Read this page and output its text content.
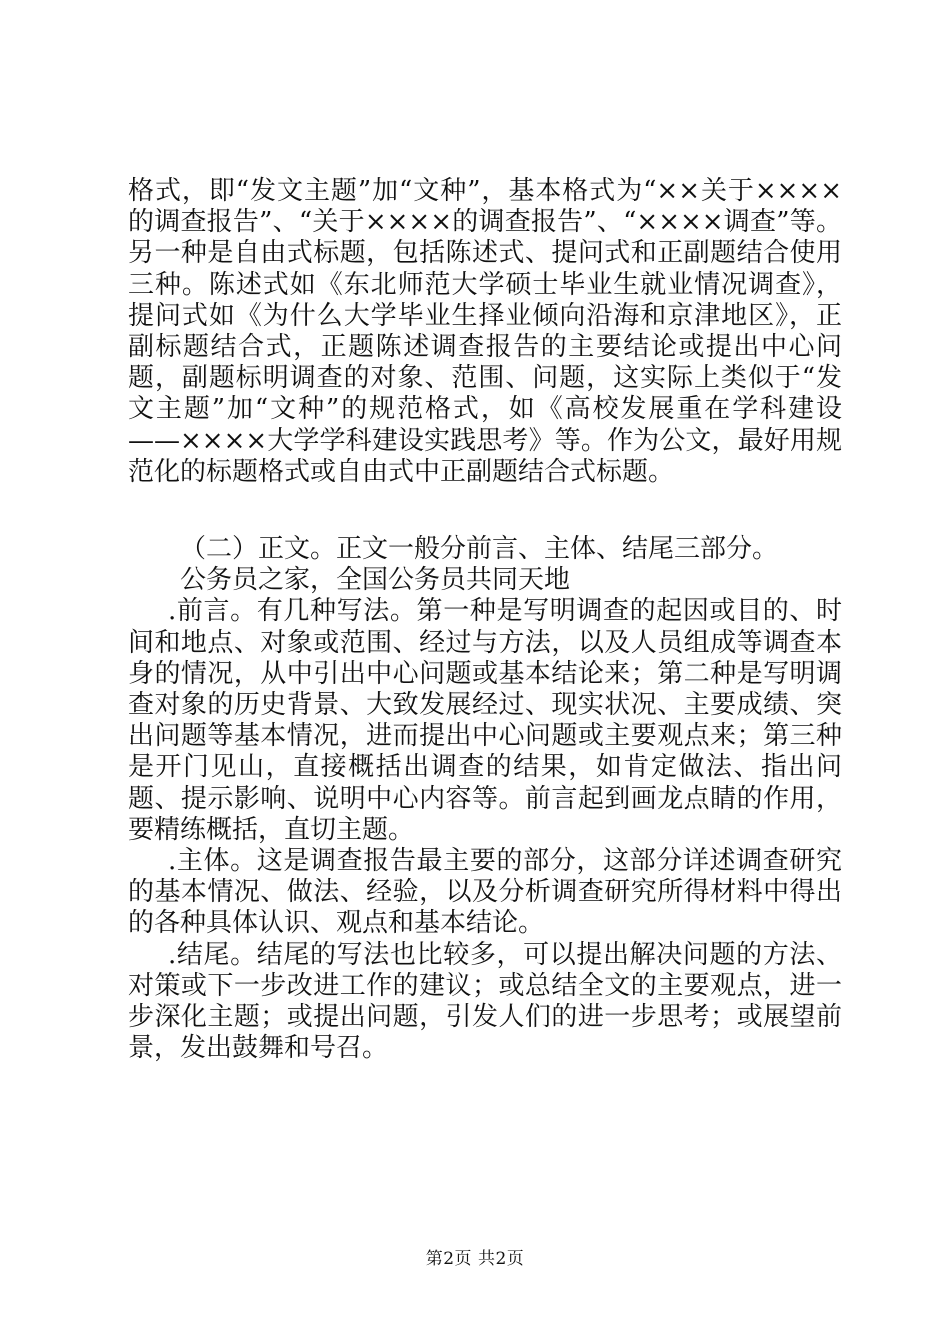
格式，即“发文主题”加“文种”，基本格式为“××关于××××的调查报告”、“关于××××的调查报告”、“××××调查”等。另一种是自由式标题，包括陈述式、提问式和正副题结合使用三种。陈述式如《东北师范大学硕士毕业生就业情况调查》，提问式如《为什么大学毕业生择业倾向沿海和京津地区》，正副标题结合式，正题陈述调查报告的主要结论或提出中心问题，副题标明调查的对象、范围、问题，这实际上类似于“发文主题”加“文种”的规范格式，如《高校发展重在学科建设——××××大学学科建设实践思考》等。作为公文，最好用规范化的标题格式或自由式中正副题结合式标题。

（二）正文。正文一般分前言、主体、结尾三部分。

公务员之家，全国公务员共同天地

.前言。有几种写法。第一种是写明调查的起因或目的、时间和地点、对象或范围、经过与方法，以及人员组成等调查本身的情况，从中引出中心问题或基本结论来；第二种是写明调查对象的历史背景、大致发展经过、现实状况、主要成绩、突出问题等基本情况，进而提出中心问题或主要观点来；第三种是开门见山，直接概括出调查的结果，如肯定做法、指出问题、提示影响、说明中心内容等。前言起到画龙点睛的作用，要精练概括，直切主题。

.主体。这是调查报告最主要的部分，这部分详述调查研究的基本情况、做法、经验，以及分析调查研究所得材料中得出的各种具体认识、观点和基本结论。

.结尾。结尾的写法也比较多，可以提出解决问题的方法、对策或下一步改进工作的建议；或总结全文的主要观点，进一步深化主题；或提出问题，引发人们的进一步思考；或展望前景，发出鼓舞和号召。

第2页 共2页
